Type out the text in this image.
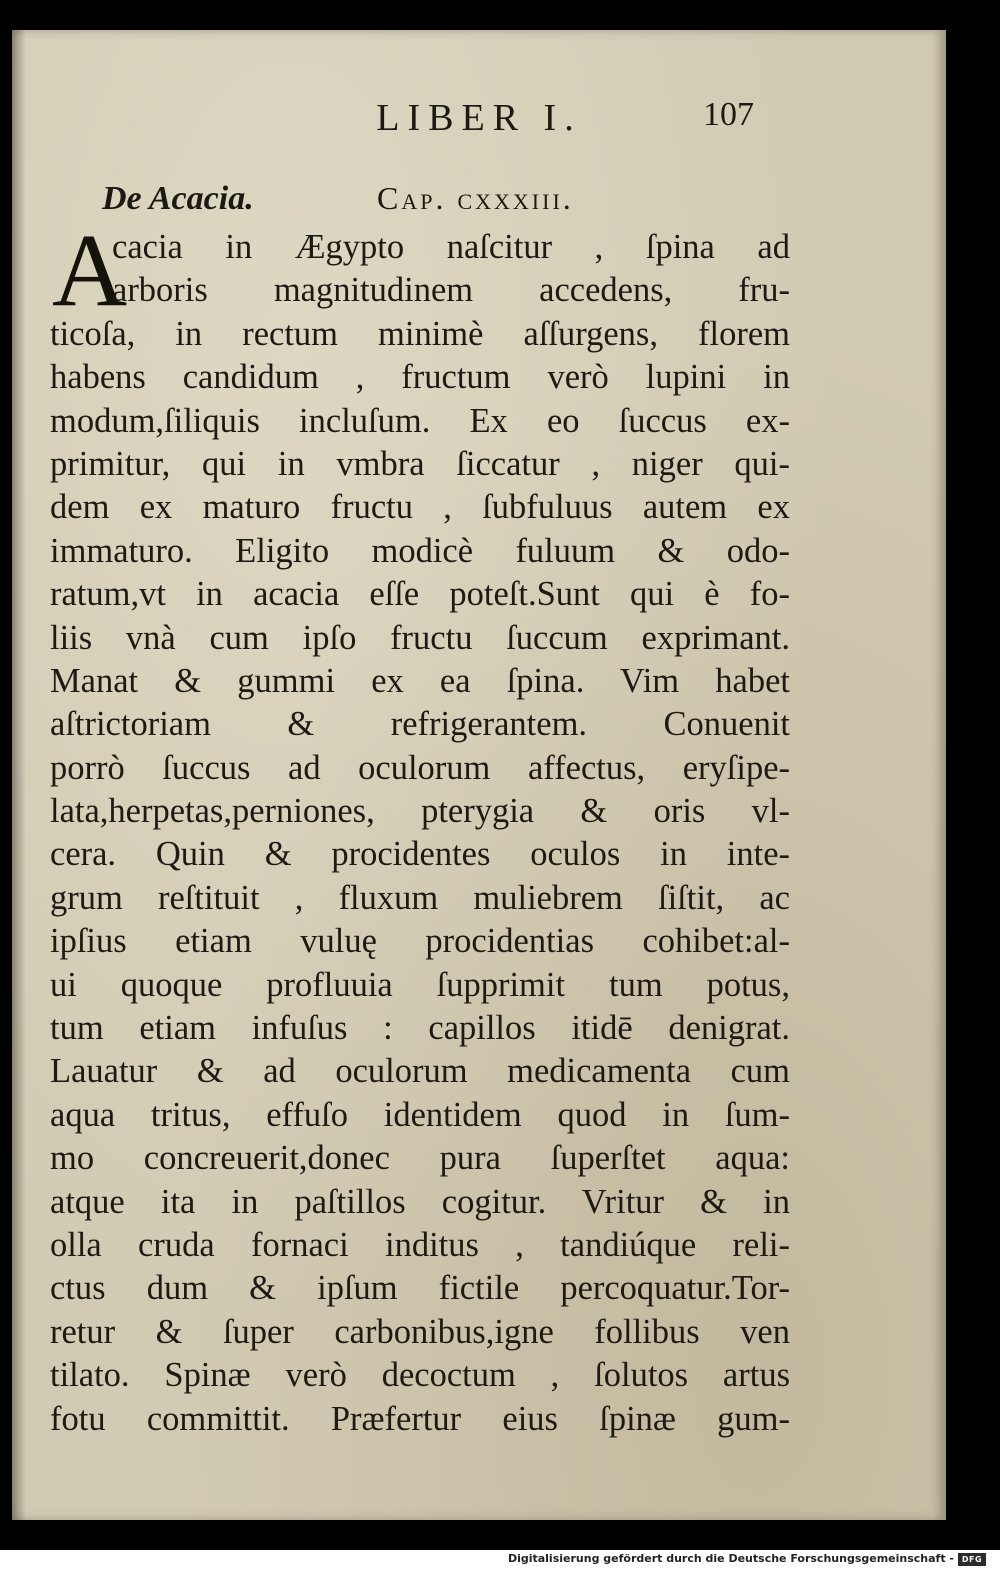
LIBER I.	107
De Acacia.	Cap. cxxxiii.
A
cacia in Ægypto naſcitur , ſpina ad
arboris magnitudinem accedens, fru-
ticoſa, in rectum minimè aſſurgens, florem
habens candidum , fructum verò lupini in
modum,ſiliquis incluſum. Ex eo ſuccus ex-
primitur, qui in vmbra ſiccatur , niger qui-
dem ex maturo fructu , ſubfuluus autem ex
immaturo. Eligito modicè fuluum & odo-
ratum,vt in acacia eſſe poteſt.Sunt qui è fo-
liis vnà cum ipſo fructu ſuccum exprimant.
Manat & gummi ex ea ſpina. Vim habet
aſtrictoriam & refrigerantem. Conuenit
porrò ſuccus ad oculorum affectus, eryſipe-
lata,herpetas,perniones, pterygia & oris vl-
cera. Quin & procidentes oculos in inte-
grum reſtituit , fluxum muliebrem ſiſtit, ac
ipſius etiam vuluę procidentias cohibet:al-
ui quoque profluuia ſupprimit tum potus,
tum etiam infuſus : capillos itidē denigrat.
Lauatur & ad oculorum medicamenta cum
aqua tritus, effuſo identidem quod in ſum-
mo concreuerit,donec pura ſuperſtet aqua:
atque ita in paſtillos cogitur. Vritur & in
olla cruda fornaci inditus , tandiúque reli-
ctus dum & ipſum fictile percoquatur.Tor-
retur & ſuper carbonibus,igne follibus ven
tilato. Spinæ verò decoctum , ſolutos artus
fotu committit. Præfertur eius ſpinæ gum-
Digitalisierung gefördert durch die Deutsche Forschungsgemeinschaft - DFG
